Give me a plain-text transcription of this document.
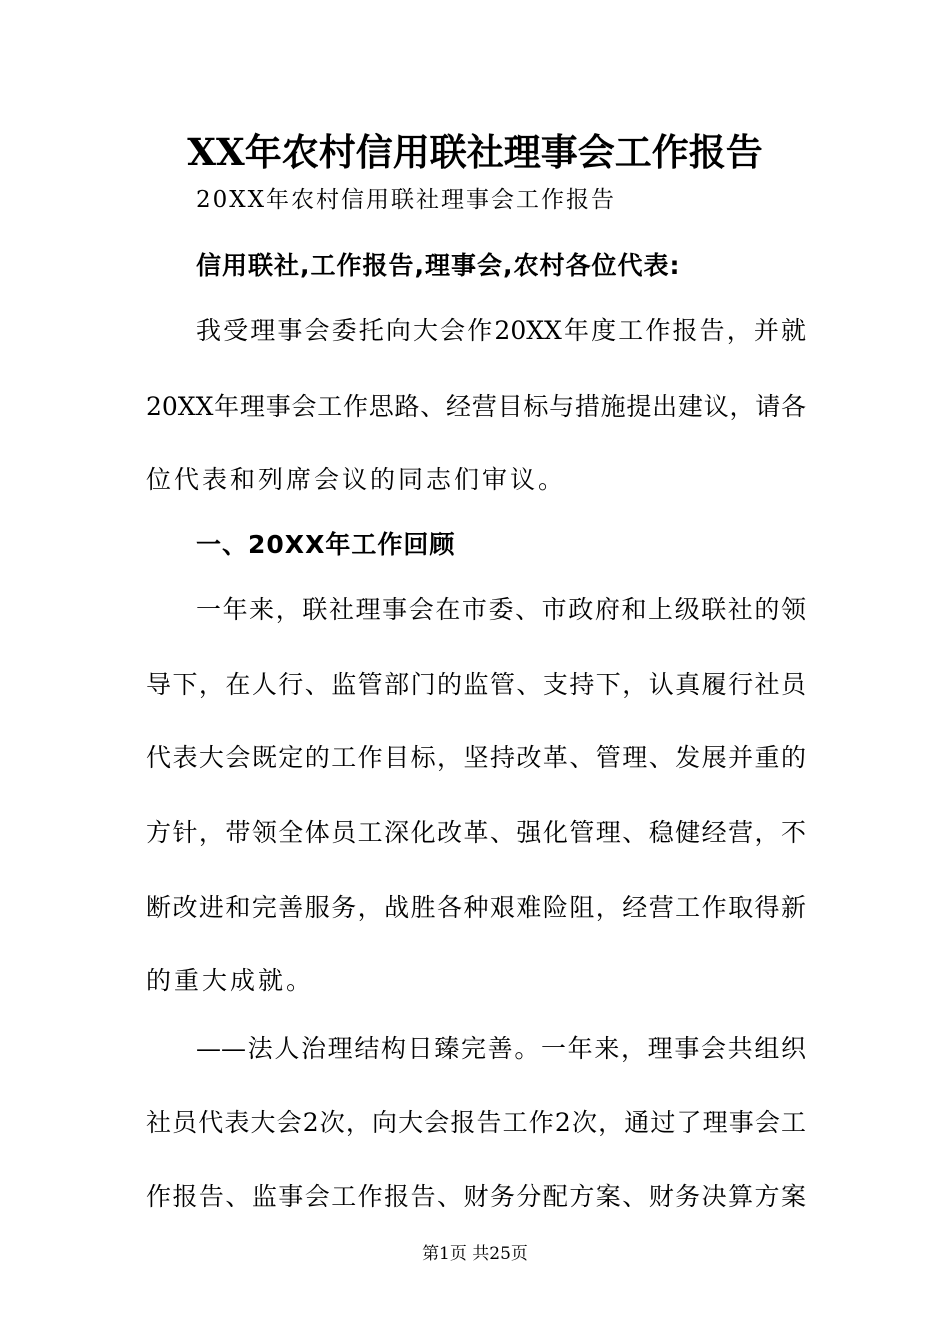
XX年农村信用联社理事会工作报告
20XX年农村信用联社理事会工作报告
信用联社,工作报告,理事会,农村各位代表:
我受理事会委托向大会作20XX年度工作报告，并就
20XX年理事会工作思路、经营目标与措施提出建议，请各
位代表和列席会议的同志们审议。
一、20XX年工作回顾
一年来，联社理事会在市委、市政府和上级联社的领
导下，在人行、监管部门的监管、支持下，认真履行社员
代表大会既定的工作目标，坚持改革、管理、发展并重的
方针，带领全体员工深化改革、强化管理、稳健经营，不
断改进和完善服务，战胜各种艰难险阻，经营工作取得新
的重大成就。
——法人治理结构日臻完善。一年来，理事会共组织
社员代表大会2次，向大会报告工作2次，通过了理事会工
作报告、监事会工作报告、财务分配方案、财务决算方案
第1页 共25页
